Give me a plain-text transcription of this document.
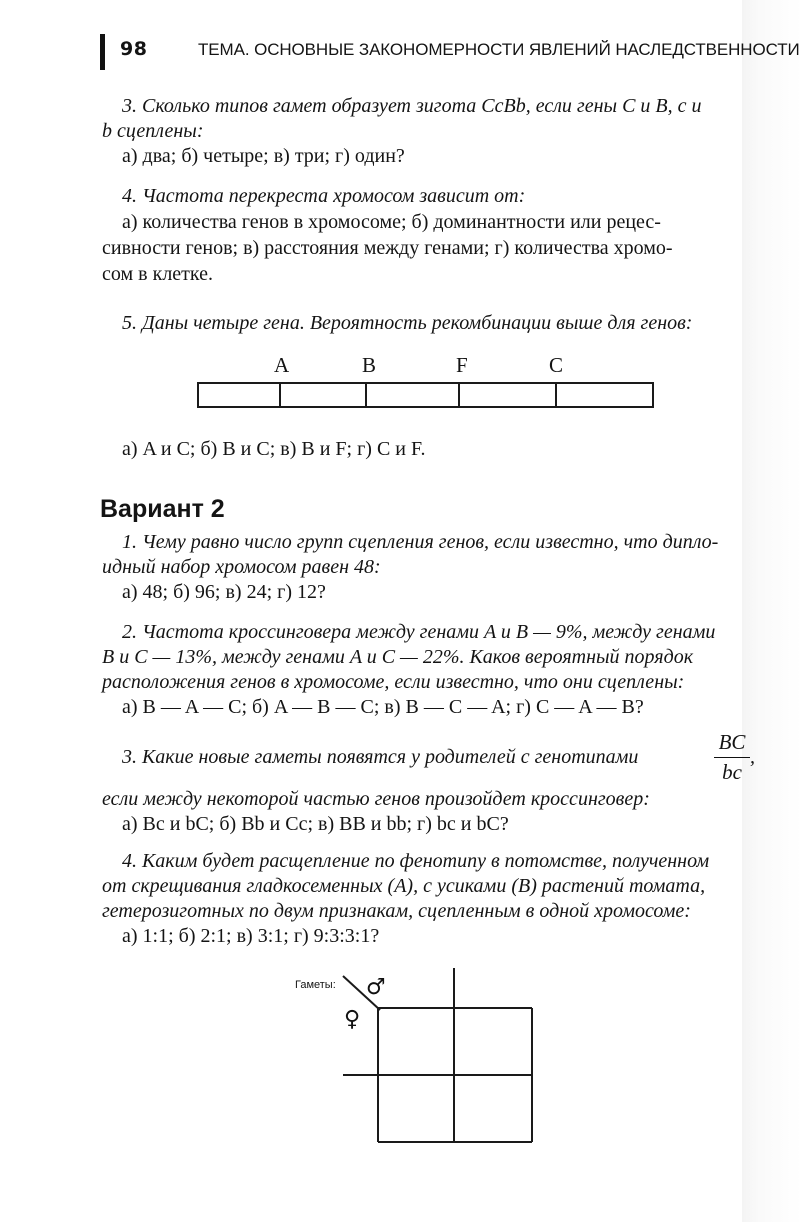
98	ТЕМА. ОСНОВНЫЕ ЗАКОНОМЕРНОСТИ ЯВЛЕНИЙ НАСЛЕДСТВЕННОСТИ

3. Сколько типов гамет образует зигота CcBb, если гены C и B, c и

b сцеплены:

а) два; б) четыре; в) три; г) один?

4. Частота перекреста хромосом зависит от:

а) количества генов в хромосоме; б) доминантности или рецес-

сивности генов; в) расстояния между генами; г) количества хромо-

сом в клетке.

5. Даны четыре гена. Вероятность рекомбинации выше для генов:

A	B	F	C

а) A и C; б) B и C; в) B и F; г) C и F.

Вариант 2

1. Чему равно число групп сцепления генов, если известно, что дипло-

идный набор хромосом равен 48:

а) 48; б) 96; в) 24; г) 12?

2. Частота кроссинговера между генами A и B — 9%, между генами

B и C — 13%, между генами A и C — 22%. Каков вероятный порядок

расположения генов в хромосоме, если известно, что они сцеплены:

а) B — A — C; б) A — B — C; в) B — C — A; г) C — A — B?

3. Какие новые гаметы появятся у родителей с генотипами

BC
bc
,

если между некоторой частью генов произойдет кроссинговер:

а) Bc и bC; б) Bb и Cc; в) BB и bb; г) bc и bC?

4. Каким будет расщепление по фенотипу в потомстве, полученном

от скрещивания гладкосеменных (A), с усиками (B) растений томата,

гетерозиготных по двум признакам, сцепленным в одной хромосоме:

а) 1:1; б) 2:1; в) 3:1; г) 9:3:3:1?

Гаметы: ♂
♀
